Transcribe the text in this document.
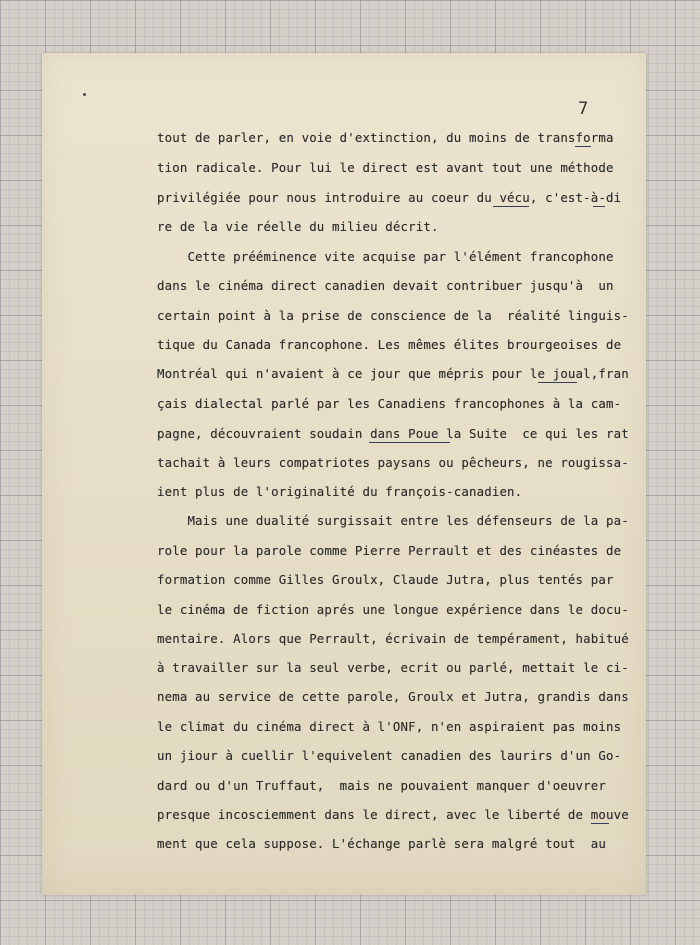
7
tout de parler, en voie d'extinction, du moins de transforma
tion radicale. Pour lui le direct est avant tout une méthode
privilégiée pour nous introduire au coeur du vécu, c'est-à-di
re de la vie réelle du milieu décrit.
Cette prééminence vite acquise par l'élément francophone
dans le cinéma direct canadien devait contribuer jusqu'à  un
certain point à la prise de conscience de la  réalité linguis-
tique du Canada francophone. Les mêmes élites brourgeoises de
Montréal qui n'avaient à ce jour que mépris pour le joual,fran
çais dialectal parlé par les Canadiens francophones à la cam-
pagne, découvraient soudain dans Poue la Suite  ce qui les rat
tachait à leurs compatriotes paysans ou pêcheurs, ne rougissa-
ient plus de l'originalité du françois-canadien.
Mais une dualité surgissait entre les défenseurs de la pa-
role pour la parole comme Pierre Perrault et des cinéastes de
formation comme Gilles Groulx, Claude Jutra, plus tentés par
le cinéma de fiction aprés une longue expérience dans le docu-
mentaire. Alors que Perrault, écrivain de tempérament, habitué
à travailler sur la seul verbe, ecrit ou parlé, mettait le ci-
nema au service de cette parole, Groulx et Jutra, grandis dans
le climat du cinéma direct à l'ONF, n'en aspiraient pas moins
un jiour à cuellir l'equivelent canadien des laurirs d'un Go-
dard ou d'un Truffaut,  mais ne pouvaient manquer d'oeuvrer
presque incosciemment dans le direct, avec le liberté de mouve
ment que cela suppose. L'échange parlè sera malgré tout  au
